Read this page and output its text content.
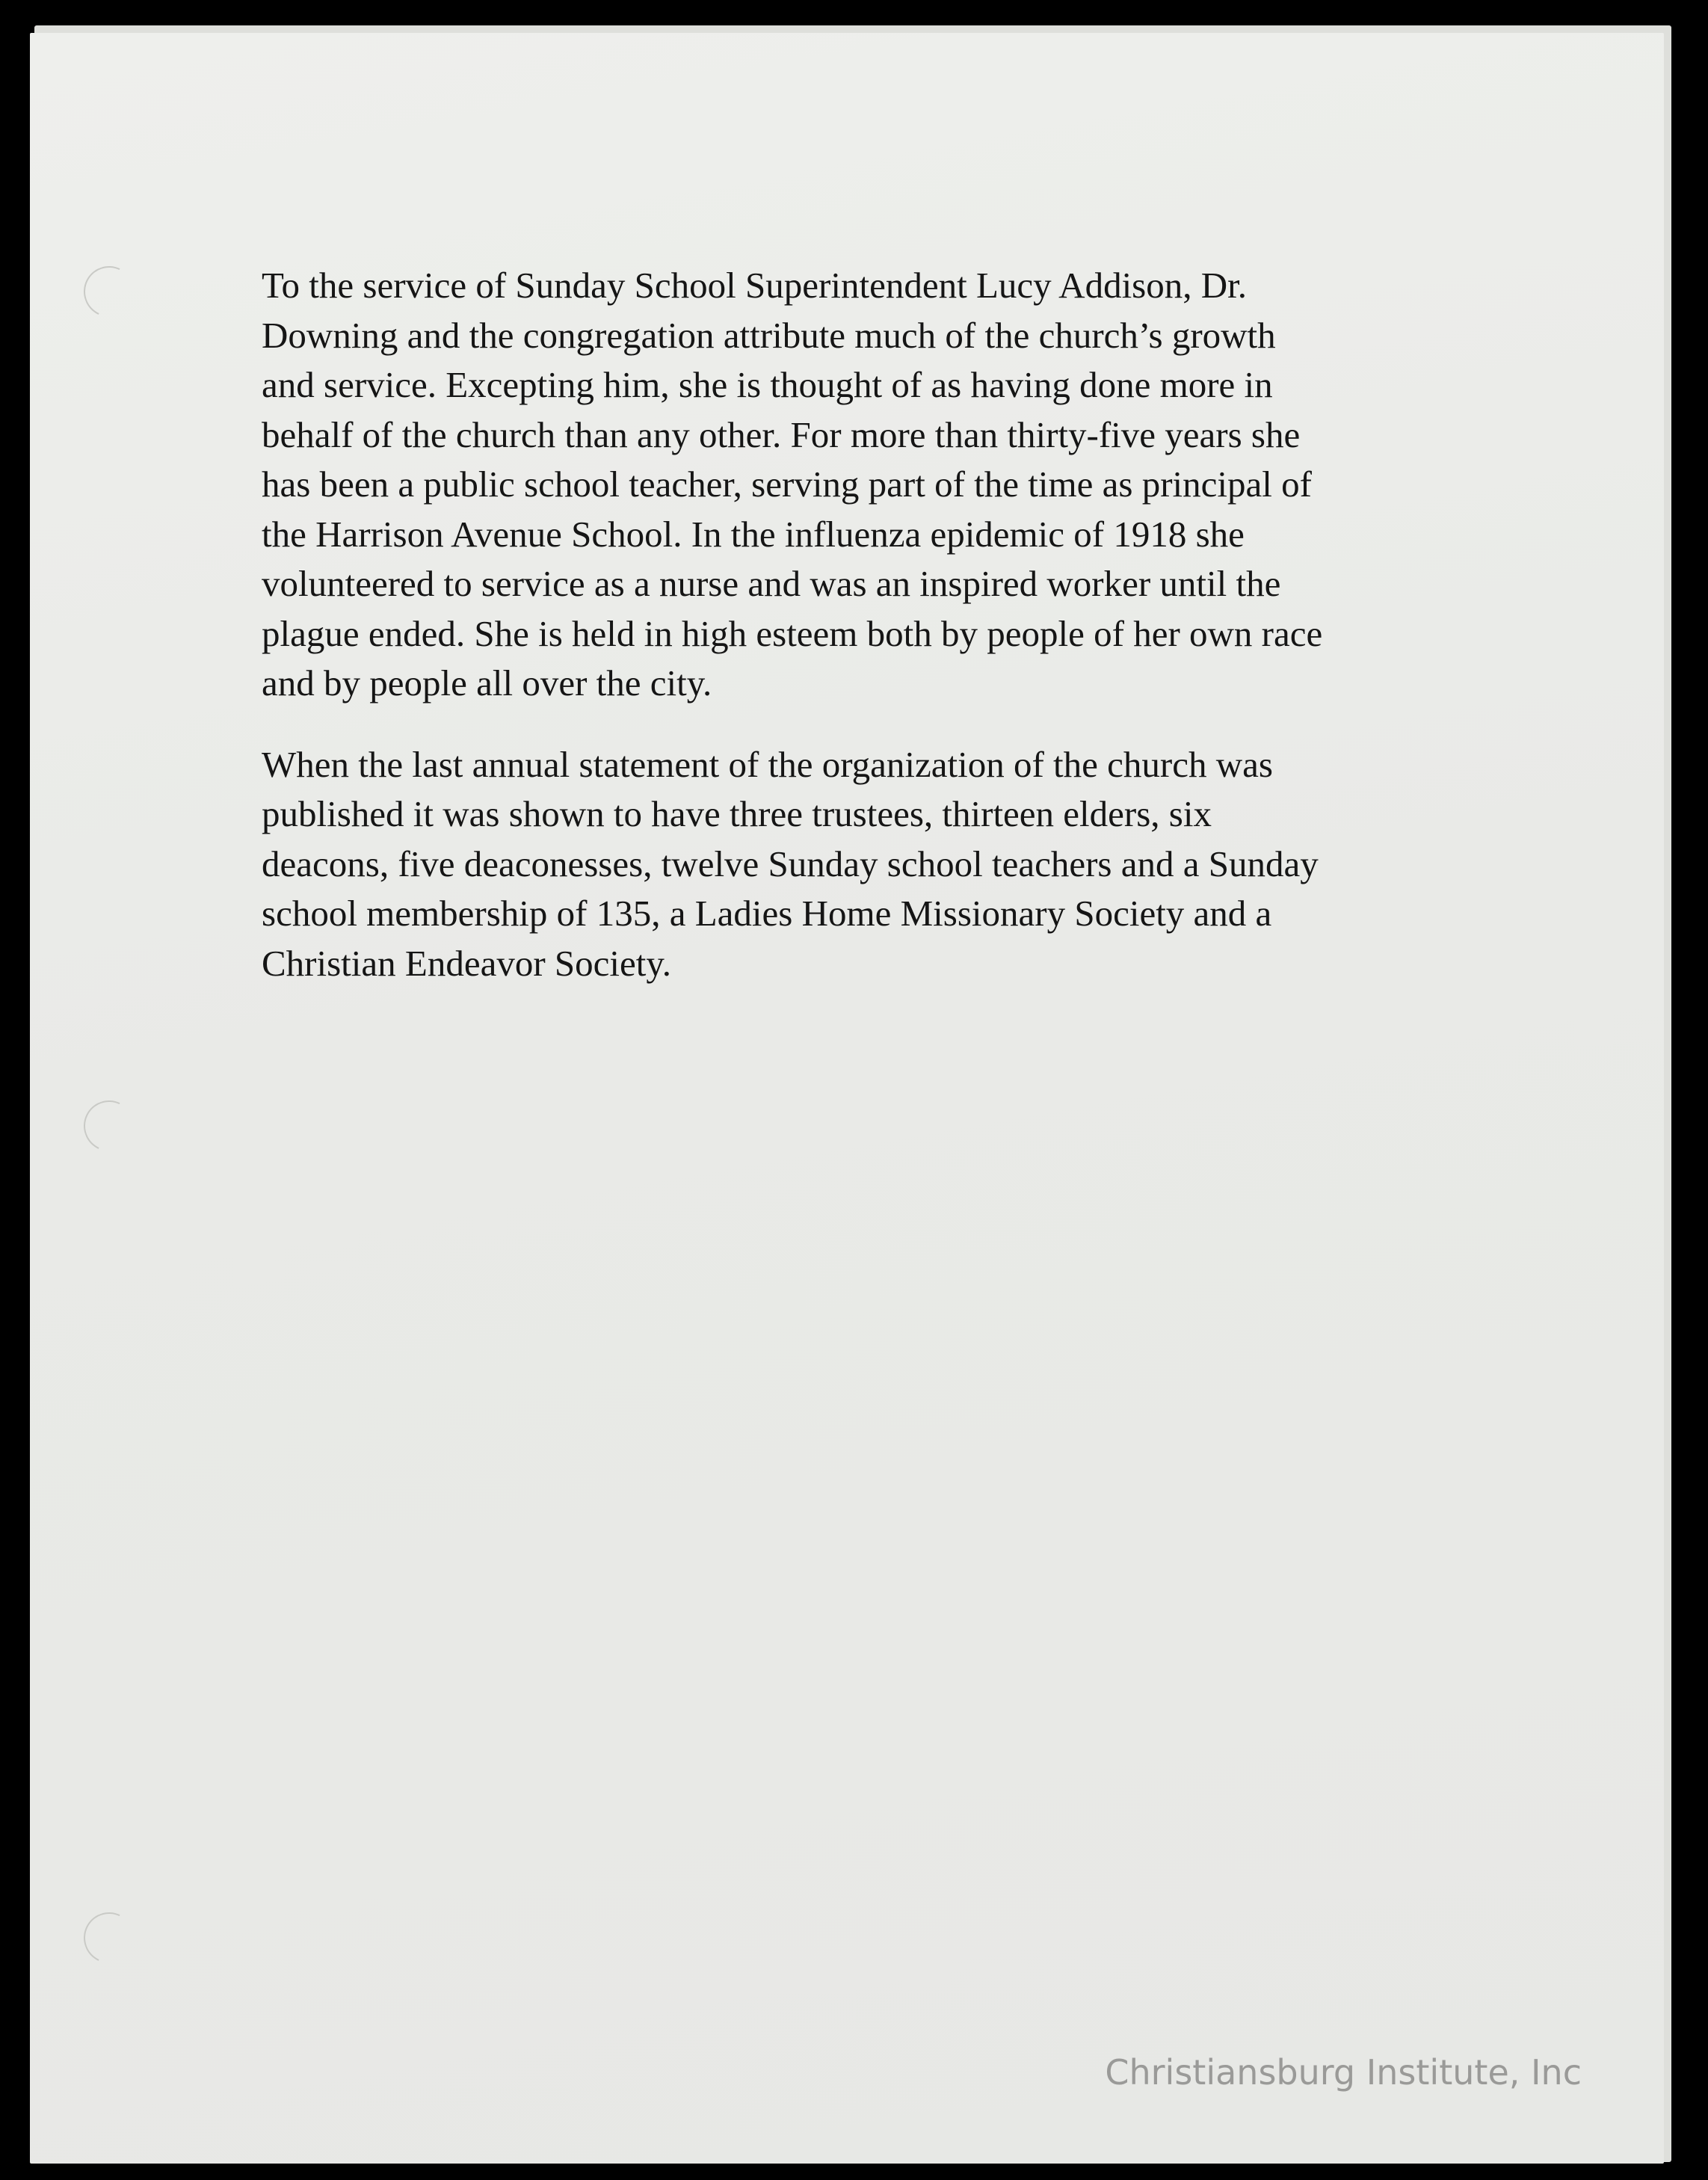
To the service of Sunday School Superintendent Lucy Addison, Dr.
Downing and the congregation attribute much of the church’s growth
and service. Excepting him, she is thought of as having done more in
behalf of the church than any other. For more than thirty-five years she
has been a public school teacher, serving part of the time as principal of
the Harrison Avenue School. In the influenza epidemic of 1918 she
volunteered to service as a nurse and was an inspired worker until the
plague ended. She is held in high esteem both by people of her own race
and by people all over the city.

When the last annual statement of the organization of the church was
published it was shown to have three trustees, thirteen elders, six
deacons, five deaconesses, twelve Sunday school teachers and a Sunday
school membership of 135, a Ladies Home Missionary Society and a
Christian Endeavor Society.

Christiansburg Institute, Inc
